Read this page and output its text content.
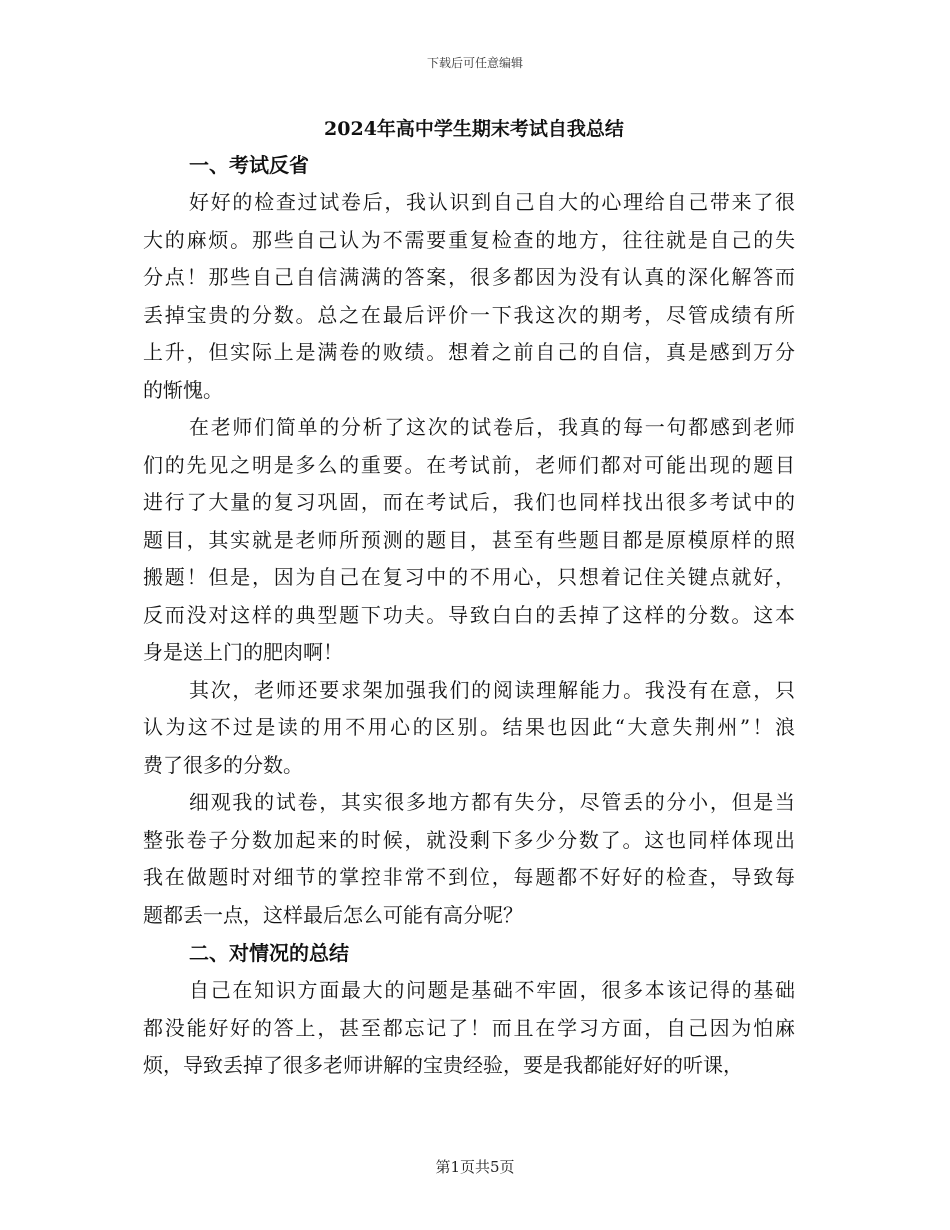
下载后可任意编辑
2024年高中学生期末考试自我总结
一、考试反省

好好的检查过试卷后，我认识到自己自大的心理给自己带来了很
大的麻烦。那些自己认为不需要重复检查的地方，往往就是自己的失
分点！那些自己自信满满的答案，很多都因为没有认真的深化解答而
丢掉宝贵的分数。总之在最后评价一下我这次的期考，尽管成绩有所
上升，但实际上是满卷的败绩。想着之前自己的自信，真是感到万分
的惭愧。

在老师们简单的分析了这次的试卷后，我真的每一句都感到老师
们的先见之明是多么的重要。在考试前，老师们都对可能出现的题目
进行了大量的复习巩固，而在考试后，我们也同样找出很多考试中的
题目，其实就是老师所预测的题目，甚至有些题目都是原模原样的照
搬题！但是，因为自己在复习中的不用心，只想着记住关键点就好，
反而没对这样的典型题下功夫。导致白白的丢掉了这样的分数。这本
身是送上门的肥肉啊！

其次，老师还要求架加强我们的阅读理解能力。我没有在意，只
认为这不过是读的用不用心的区别。结果也因此“大意失荆州”！浪
费了很多的分数。

细观我的试卷，其实很多地方都有失分，尽管丢的分小，但是当
整张卷子分数加起来的时候，就没剩下多少分数了。这也同样体现出
我在做题时对细节的掌控非常不到位，每题都不好好的检查，导致每
题都丢一点，这样最后怎么可能有高分呢？

二、对情况的总结

自己在知识方面最大的问题是基础不牢固，很多本该记得的基础
都没能好好的答上，甚至都忘记了！而且在学习方面，自己因为怕麻
烦，导致丢掉了很多老师讲解的宝贵经验，要是我都能好好的听课，

第1页共5页
